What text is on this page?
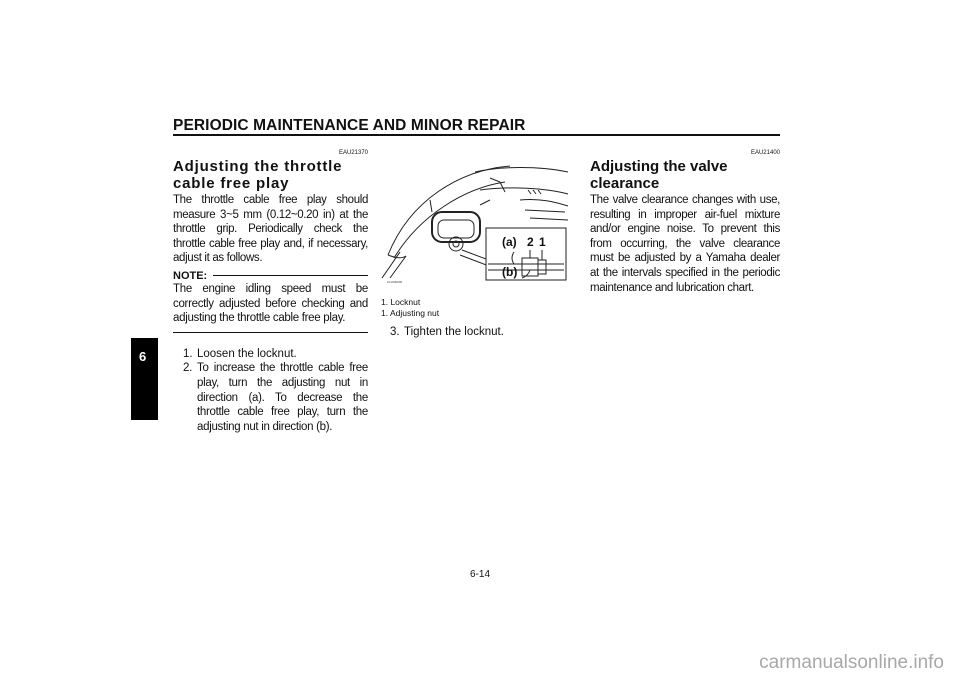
PERIODIC MAINTENANCE AND MINOR REPAIR
6
EAU21370
Adjusting the throttle cable free play

The throttle cable free play should measure 3~5 mm (0.12~0.20 in) at the throttle grip. Periodically check the throttle cable free play and, if necessary, adjust it as follows.

NOTE:

The engine idling speed must be correctly adjusted before checking and adjusting the throttle cable free play.

1. Loosen the locknut.
2. To increase the throttle cable free play, turn the adjusting nut in direction (a). To decrease the throttle cable free play, turn the adjusting nut in direction (b).
ZAUM0000
(a) 2 1
(b)
1. Locknut
1. Adjusting nut
3. Tighten the locknut.
EAU21400
Adjusting the valve clearance

The valve clearance changes with use, resulting in improper air-fuel mixture and/or engine noise. To prevent this from occurring, the valve clearance must be adjusted by a Yamaha dealer at the intervals specified in the periodic maintenance and lubrication chart.

6-14
carmanualsonline.info
